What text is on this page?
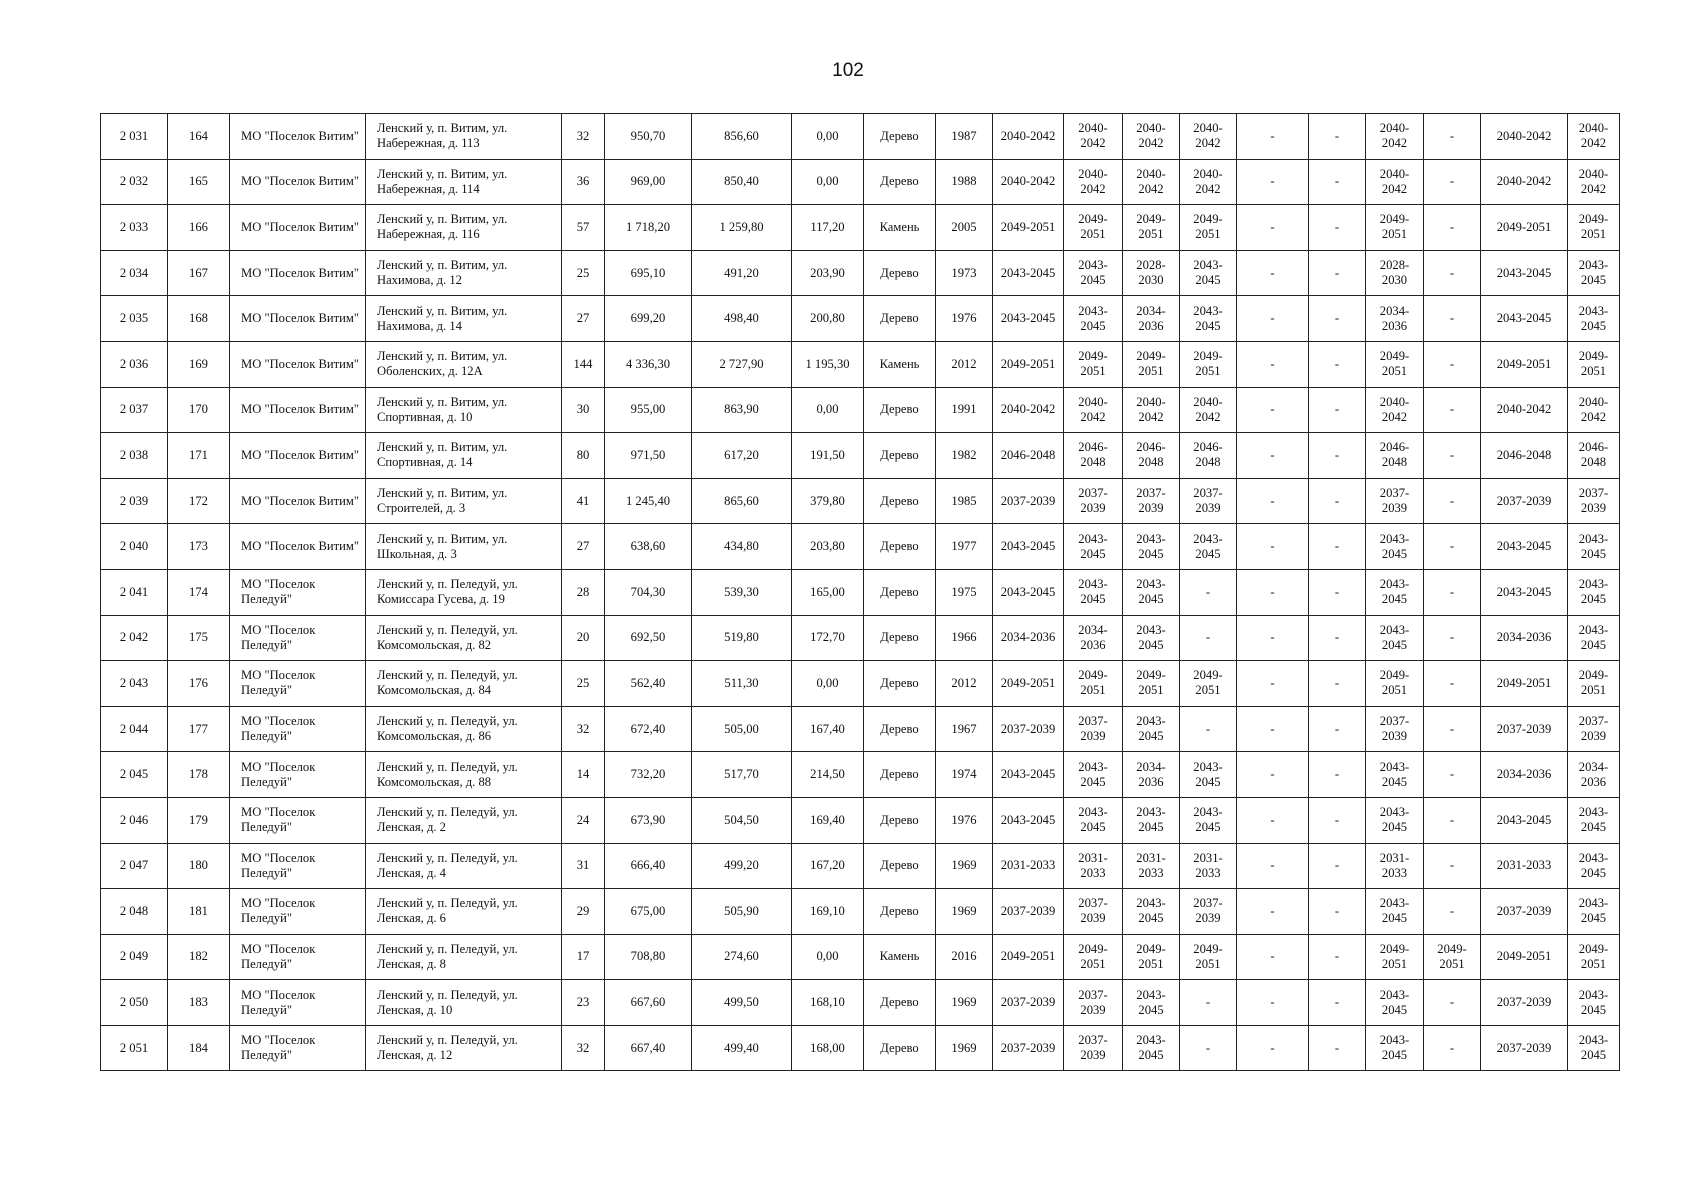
102
2 031	164	МО "Поселок Витим"	Ленский у, п. Витим, ул. Набережная, д. 113	32	950,70	856,60	0,00	Дерево	1987	2040-2042	2040-2042	2040-2042	2040-2042	-	-	2040-2042	-	2040-2042	2040-2042
2 032	165	МО "Поселок Витим"	Ленский у, п. Витим, ул. Набережная, д. 114	36	969,00	850,40	0,00	Дерево	1988	2040-2042	2040-2042	2040-2042	2040-2042	-	-	2040-2042	-	2040-2042	2040-2042
2 033	166	МО "Поселок Витим"	Ленский у, п. Витим, ул. Набережная, д. 116	57	1 718,20	1 259,80	117,20	Камень	2005	2049-2051	2049-2051	2049-2051	2049-2051	-	-	2049-2051	-	2049-2051	2049-2051
2 034	167	МО "Поселок Витим"	Ленский у, п. Витим, ул. Нахимова, д. 12	25	695,10	491,20	203,90	Дерево	1973	2043-2045	2043-2045	2028-2030	2043-2045	-	-	2028-2030	-	2043-2045	2043-2045
2 035	168	МО "Поселок Витим"	Ленский у, п. Витим, ул. Нахимова, д. 14	27	699,20	498,40	200,80	Дерево	1976	2043-2045	2043-2045	2034-2036	2043-2045	-	-	2034-2036	-	2043-2045	2043-2045
2 036	169	МО "Поселок Витим"	Ленский у, п. Витим, ул. Оболенских, д. 12А	144	4 336,30	2 727,90	1 195,30	Камень	2012	2049-2051	2049-2051	2049-2051	2049-2051	-	-	2049-2051	-	2049-2051	2049-2051
2 037	170	МО "Поселок Витим"	Ленский у, п. Витим, ул. Спортивная, д. 10	30	955,00	863,90	0,00	Дерево	1991	2040-2042	2040-2042	2040-2042	2040-2042	-	-	2040-2042	-	2040-2042	2040-2042
2 038	171	МО "Поселок Витим"	Ленский у, п. Витим, ул. Спортивная, д. 14	80	971,50	617,20	191,50	Дерево	1982	2046-2048	2046-2048	2046-2048	2046-2048	-	-	2046-2048	-	2046-2048	2046-2048
2 039	172	МО "Поселок Витим"	Ленский у, п. Витим, ул. Строителей, д. 3	41	1 245,40	865,60	379,80	Дерево	1985	2037-2039	2037-2039	2037-2039	2037-2039	-	-	2037-2039	-	2037-2039	2037-2039
2 040	173	МО "Поселок Витим"	Ленский у, п. Витим, ул. Школьная, д. 3	27	638,60	434,80	203,80	Дерево	1977	2043-2045	2043-2045	2043-2045	2043-2045	-	-	2043-2045	-	2043-2045	2043-2045
2 041	174	МО "Поселок Пеледуй"	Ленский у, п. Пеледуй, ул. Комиссара Гусева, д. 19	28	704,30	539,30	165,00	Дерево	1975	2043-2045	2043-2045	2043-2045	-	-	-	2043-2045	-	2043-2045	2043-2045
2 042	175	МО "Поселок Пеледуй"	Ленский у, п. Пеледуй, ул. Комсомольская, д. 82	20	692,50	519,80	172,70	Дерево	1966	2034-2036	2034-2036	2043-2045	-	-	-	2043-2045	-	2034-2036	2043-2045
2 043	176	МО "Поселок Пеледуй"	Ленский у, п. Пеледуй, ул. Комсомольская, д. 84	25	562,40	511,30	0,00	Дерево	2012	2049-2051	2049-2051	2049-2051	2049-2051	-	-	2049-2051	-	2049-2051	2049-2051
2 044	177	МО "Поселок Пеледуй"	Ленский у, п. Пеледуй, ул. Комсомольская, д. 86	32	672,40	505,00	167,40	Дерево	1967	2037-2039	2037-2039	2043-2045	-	-	-	2037-2039	-	2037-2039	2037-2039
2 045	178	МО "Поселок Пеледуй"	Ленский у, п. Пеледуй, ул. Комсомольская, д. 88	14	732,20	517,70	214,50	Дерево	1974	2043-2045	2043-2045	2034-2036	2043-2045	-	-	2043-2045	-	2034-2036	2034-2036
2 046	179	МО "Поселок Пеледуй"	Ленский у, п. Пеледуй, ул. Ленская, д. 2	24	673,90	504,50	169,40	Дерево	1976	2043-2045	2043-2045	2043-2045	2043-2045	-	-	2043-2045	-	2043-2045	2043-2045
2 047	180	МО "Поселок Пеледуй"	Ленский у, п. Пеледуй, ул. Ленская, д. 4	31	666,40	499,20	167,20	Дерево	1969	2031-2033	2031-2033	2031-2033	2031-2033	-	-	2031-2033	-	2031-2033	2043-2045
2 048	181	МО "Поселок Пеледуй"	Ленский у, п. Пеледуй, ул. Ленская, д. 6	29	675,00	505,90	169,10	Дерево	1969	2037-2039	2037-2039	2043-2045	2037-2039	-	-	2043-2045	-	2037-2039	2043-2045
2 049	182	МО "Поселок Пеледуй"	Ленский у, п. Пеледуй, ул. Ленская, д. 8	17	708,80	274,60	0,00	Камень	2016	2049-2051	2049-2051	2049-2051	2049-2051	-	-	2049-2051	2049-2051	2049-2051	2049-2051
2 050	183	МО "Поселок Пеледуй"	Ленский у, п. Пеледуй, ул. Ленская, д. 10	23	667,60	499,50	168,10	Дерево	1969	2037-2039	2037-2039	2043-2045	-	-	-	2043-2045	-	2037-2039	2043-2045
2 051	184	МО "Поселок Пеледуй"	Ленский у, п. Пеледуй, ул. Ленская, д. 12	32	667,40	499,40	168,00	Дерево	1969	2037-2039	2037-2039	2043-2045	-	-	-	2043-2045	-	2037-2039	2043-2045
